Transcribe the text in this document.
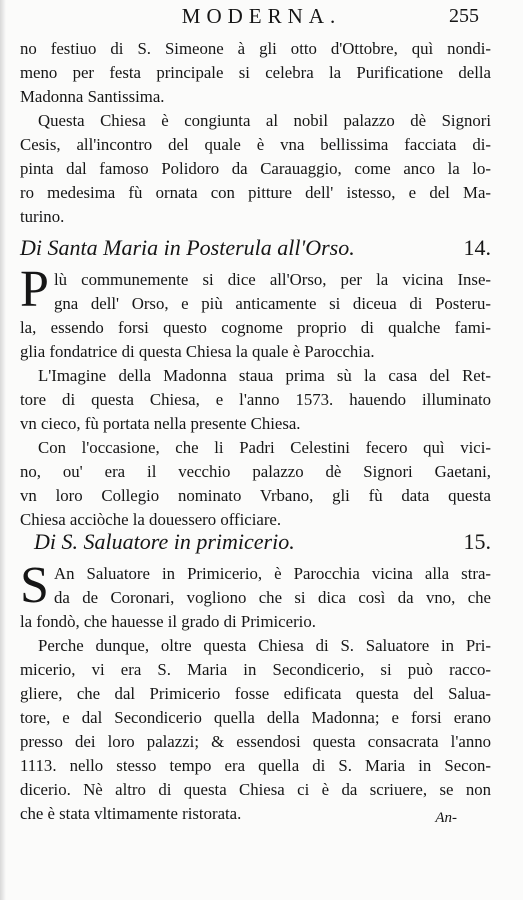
MODERNA.	255
no festiuo di S. Simeone à gli otto d'Ottobre, quì nondi-
meno per festa principale si celebra la Purificatione della
Madonna Santissima.
Questa Chiesa è congiunta al nobil palazzo dè Signori
Cesis, all'incontro del quale è vna bellissima facciata di-
pinta dal famoso Polidoro da Carauaggio, come anco la lo-
ro medesima fù ornata con pitture dell' istesso, e del Ma-
turino.
Di Santa Maria in Posterula all'Orso.	14.
P lù communemente si dice all'Orso, per la vicina Inse-
gna dell' Orso, e più anticamente si diceua di Posteru-
la, essendo forsi questo cognome proprio di qualche fami-
glia fondatrice di questa Chiesa la quale è Parocchia.
L'Imagine della Madonna staua prima sù la casa del Ret-
tore di questa Chiesa, e l'anno 1573. hauendo illuminato
vn cieco, fù portata nella presente Chiesa.
Con l'occasione, che li Padri Celestini fecero quì vici-
no, ou' era il vecchio palazzo dè Signori Gaetani,
vn loro Collegio nominato Vrbano, gli fù data questa
Chiesa acciòche la douessero officiare.
Di S. Saluatore in primicerio.	15.
S An Saluatore in Primicerio, è Parocchia vicina alla stra-
da de Coronari, vogliono che si dica così da vno, che
la fondò, che hauesse il grado di Primicerio.
Perche dunque, oltre questa Chiesa di S. Saluatore in Pri-
micerio, vi era S. Maria in Secondicerio, si può racco-
gliere, che dal Primicerio fosse edificata questa del Salua-
tore, e dal Secondicerio quella della Madonna; e forsi erano
presso dei loro palazzi; & essendosi questa consacrata l'anno
1113. nello stesso tempo era quella di S. Maria in Secon-
dicerio. Nè altro di questa Chiesa ci è da scriuere, se non
che è stata vltimamente ristorata.	An-
